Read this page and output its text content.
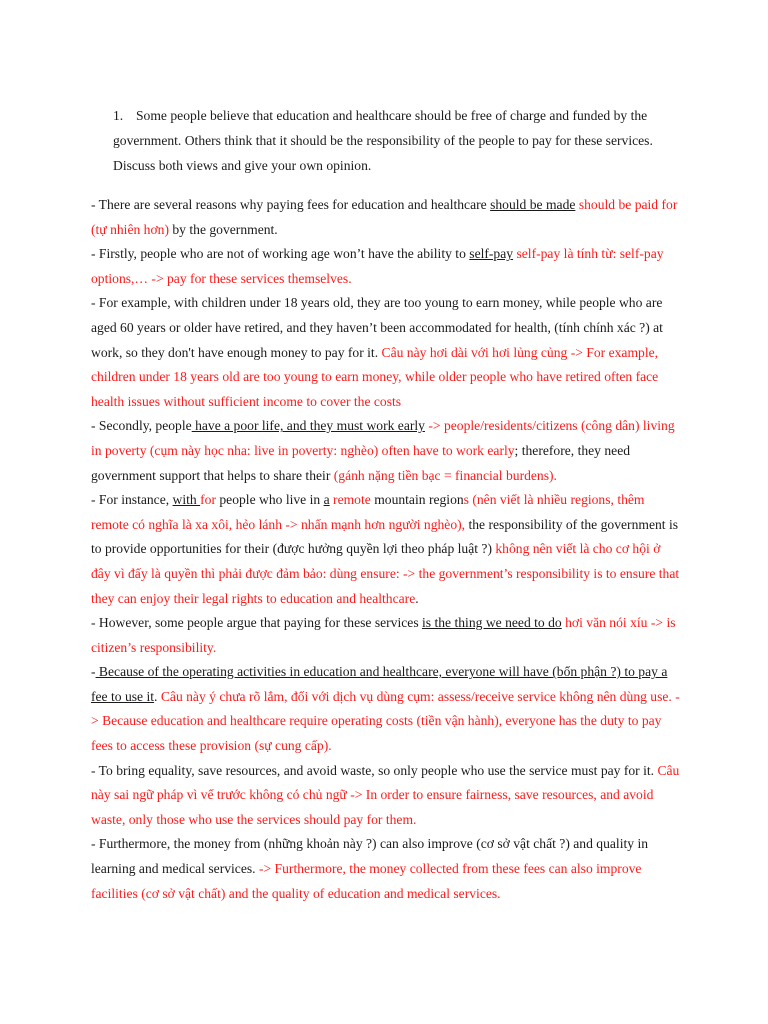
1. Some people believe that education and healthcare should be free of charge and funded by the government. Others think that it should be the responsibility of the people to pay for these services. Discuss both views and give your own opinion.

- There are several reasons why paying fees for education and healthcare should be made should be paid for (tự nhiên hơn) by the government.

- Firstly, people who are not of working age won’t have the ability to self-pay self-pay là tính từ: self-pay options,… -> pay for these services themselves.

- For example, with children under 18 years old, they are too young to earn money, while people who are aged 60 years or older have retired, and they haven’t been accommodated for health, (tính chính xác ?) at work, so they don't have enough money to pay for it. Câu này hơi dài với hơi lủng củng -> For example, children under 18 years old are too young to earn money, while older people who have retired often face health issues without sufficient income to cover the costs

- Secondly, people have a poor life, and they must work early -> people/residents/citizens (công dân) living in poverty (cụm này học nha: live in poverty: nghèo) often have to work early; therefore, they need government support that helps to share their (gánh nặng tiền bạc = financial burdens).

- For instance, with for people who live in a remote mountain regions (nên viết là nhiều regions, thêm remote có nghĩa là xa xôi, hẻo lánh -> nhấn mạnh hơn người nghèo), the responsibility of the government is to provide opportunities for their (được hưởng quyền lợi theo pháp luật ?) không nên viết là cho cơ hội ở đây vì đấy là quyền thì phải được đảm bảo: dùng ensure: -> the government’s responsibility is to ensure that they can enjoy their legal rights to education and healthcare.

- However, some people argue that paying for these services is the thing we need to do hơi văn nói xíu -> is citizen’s responsibility.

- Because of the operating activities in education and healthcare, everyone will have (bổn phận ?) to pay a fee to use it. Câu này ý chưa rõ lắm, đối với dịch vụ dùng cụm: assess/receive service không nên dùng use. -> Because education and healthcare require operating costs (tiền vận hành), everyone has the duty to pay fees to access these provision (sự cung cấp).

- To bring equality, save resources, and avoid waste, so only people who use the service must pay for it. Câu này sai ngữ pháp vì vế trước không có chủ ngữ -> In order to ensure fairness, save resources, and avoid waste, only those who use the services should pay for them.

- Furthermore, the money from (những khoản này ?) can also improve (cơ sở vật chất ?) and quality in learning and medical services. -> Furthermore, the money collected from these fees can also improve facilities (cơ sở vật chất) and the quality of education and medical services.
